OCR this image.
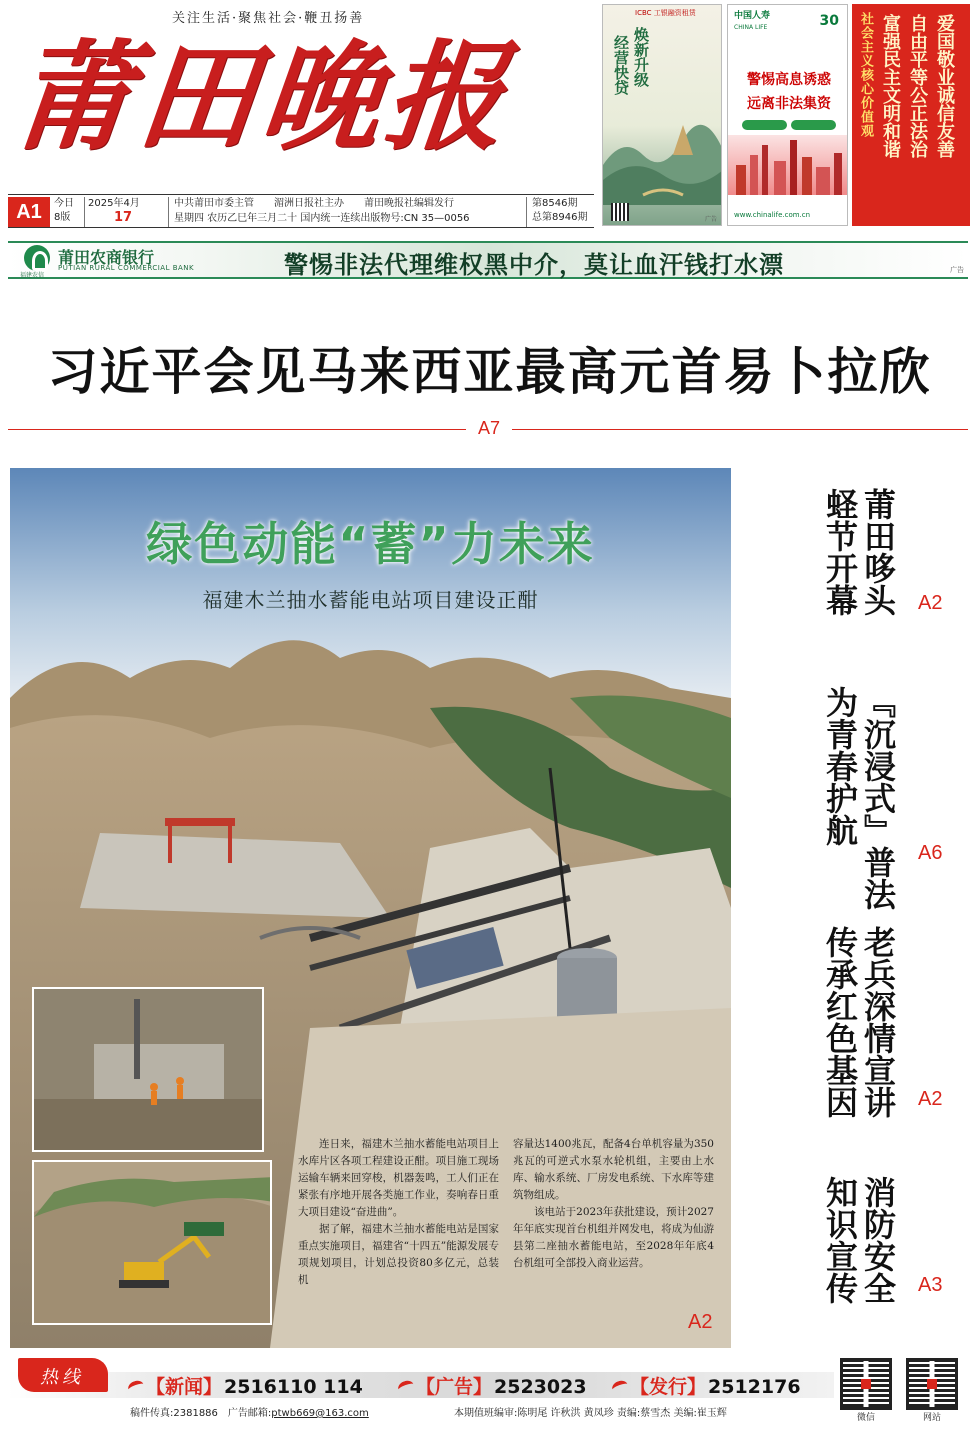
关注生活·聚焦社会·鞭丑扬善
莆田晚报
ICBC 工银融资租赁
经营快贷 焕新升级
广告
中国人寿
CHINA LIFE	30
警惕高息诱惑
远离非法集资
www.chinalife.com.cn
社会主义核心价值观	爱国敬业诚信友善
自由平等公正法治
富强民主文明和谐
A1	今日
8版
2025年4月
17
中共莆田市委主管　　湄洲日报社主办　　莆田晚报社编辑发行
星期四 农历乙巳年三月二十 国内统一连续出版物号:CN 35—0056
第8546期
总第8946期
福建农信
莆田农商银行
PUTIAN RURAL COMMERCIAL BANK	警惕非法代理维权黑中介，莫让血汗钱打水漂	广告
习近平会见马来西亚最高元首易卜拉欣
A7
绿色动能“蓄”力未来
福建木兰抽水蓄能电站项目建设正酣

连日来，福建木兰抽水蓄能电站项目上水库片区各项工程建设正酣。项目施工现场运输车辆来回穿梭，机器轰鸣，工人们正在紧张有序地开展各类施工作业，奏响春日重大项目建设“奋进曲”。

据了解，福建木兰抽水蓄能电站是国家重点实施项目，福建省“十四五”能源发展专项规划项目，计划总投资80多亿元，总装机

容量达1400兆瓦，配备4台单机容量为350兆瓦的可逆式水泵水轮机组，主要由上水库、输水系统、厂房发电系统、下水库等建筑物组成。

该电站于2023年获批建设，预计2027年年底实现首台机组并网发电，将成为仙游县第二座抽水蓄能电站，至2028年年底4台机组可全部投入商业运营。

A2
莆田哆头
蛏节开幕	A2
『沉浸式』普法
为青春护航
A6
老兵深情宣讲
传承红色基因	A2
消防安全
知识宣传	A3
热线	【新闻】 2516110 114	【广告】 2523023	【发行】 2512176
稿件传真:2381886　广告邮箱:ptwb669@163.com	本期值班编审:陈明尾 许秋洪 黄凤珍 责编:蔡雪杰 美编:崔玉辉	微信	网站
